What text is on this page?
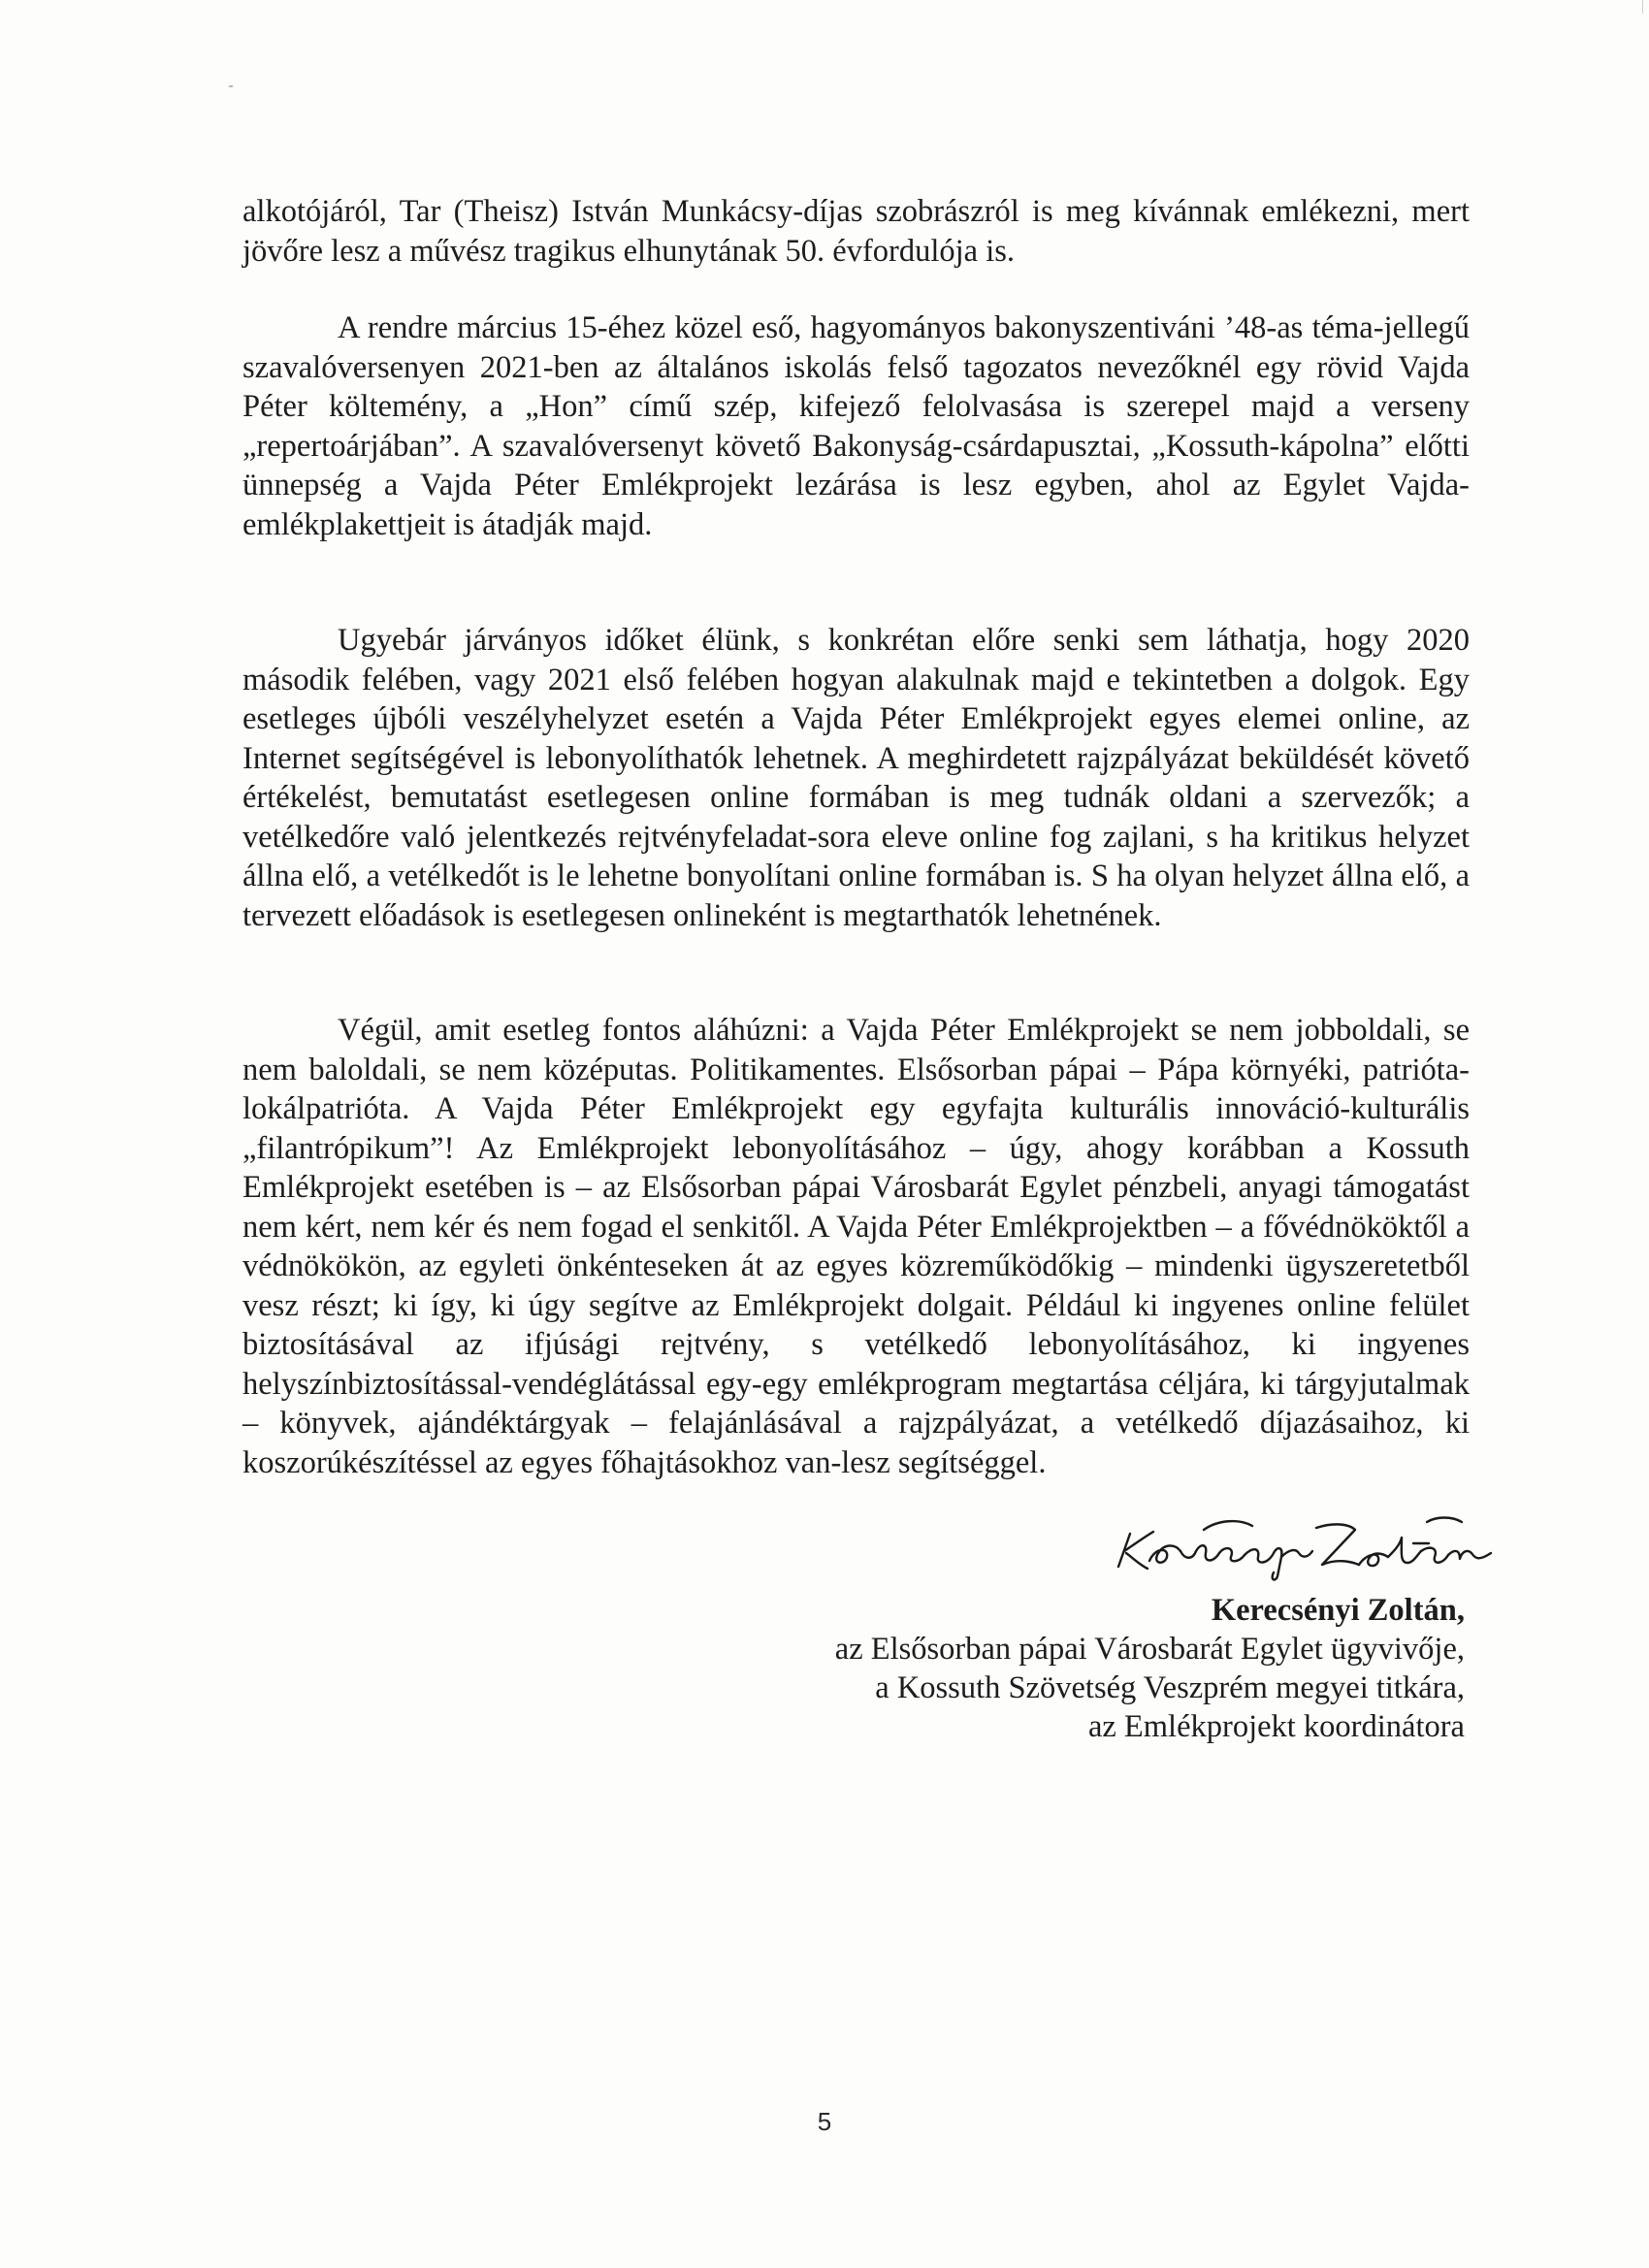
alkotójáról, Tar (Theisz) István Munkácsy-díjas szobrászról is meg kívánnak emlékezni, mert jövőre lesz a művész tragikus elhunytának 50. évfordulója is.

A rendre március 15-éhez közel eső, hagyományos bakonyszentiváni ’48-as téma-jellegű szavalóversenyen 2021-ben az általános iskolás felső tagozatos nevezőknél egy rövid Vajda Péter költemény, a „Hon” című szép, kifejező felolvasása is szerepel majd a verseny „repertoárjában”. A szavalóversenyt követő Bakonyság-csárdapusztai, „Kossuth-kápolna” előtti ünnepség a Vajda Péter Emlékprojekt lezárása is lesz egyben, ahol az Egylet Vajda-emlékplakettjeit is átadják majd.

Ugyebár járványos időket élünk, s konkrétan előre senki sem láthatja, hogy 2020 második felében, vagy 2021 első felében hogyan alakulnak majd e tekintetben a dolgok. Egy esetleges újbóli veszélyhelyzet esetén a Vajda Péter Emlékprojekt egyes elemei online, az Internet segítségével is lebonyolíthatók lehetnek. A meghirdetett rajzpályázat beküldését követő értékelést, bemutatást esetlegesen online formában is meg tudnák oldani a szervezők; a vetélkedőre való jelentkezés rejtvényfeladat-sora eleve online fog zajlani, s ha kritikus helyzet állna elő, a vetélkedőt is le lehetne bonyolítani online formában is. S ha olyan helyzet állna elő, a tervezett előadások is esetlegesen onlineként is megtarthatók lehetnének.

Végül, amit esetleg fontos aláhúzni: a Vajda Péter Emlékprojekt se nem jobboldali, se nem baloldali, se nem középutas. Politikamentes. Elsősorban pápai – Pápa környéki, patrióta-lokálpatrióta. A Vajda Péter Emlékprojekt egy egyfajta kulturális innováció-kulturális „filantrópikum”! Az Emlékprojekt lebonyolításához – úgy, ahogy korábban a Kossuth Emlékprojekt esetében is – az Elsősorban pápai Városbarát Egylet pénzbeli, anyagi támogatást nem kért, nem kér és nem fogad el senkitől. A Vajda Péter Emlékprojektben – a fővédnököktől a védnökökön, az egyleti önkénteseken át az egyes közreműködőkig – mindenki ügyszeretetből vesz részt; ki így, ki úgy segítve az Emlékprojekt dolgait. Például ki ingyenes online felület biztosításával az ifjúsági rejtvény, s vetélkedő lebonyolításához, ki ingyenes helyszínbiztosítással-vendéglátással egy-egy emlékprogram megtartása céljára, ki tárgyjutalmak – könyvek, ajándéktárgyak – felajánlásával a rajzpályázat, a vetélkedő díjazásaihoz, ki koszorúkészítéssel az egyes főhajtásokhoz van-lesz segítséggel.

Kerecsényi Zoltán,
az Elsősorban pápai Városbarát Egylet ügyvivője,
a Kossuth Szövetség Veszprém megyei titkára,
az Emlékprojekt koordinátora
5
